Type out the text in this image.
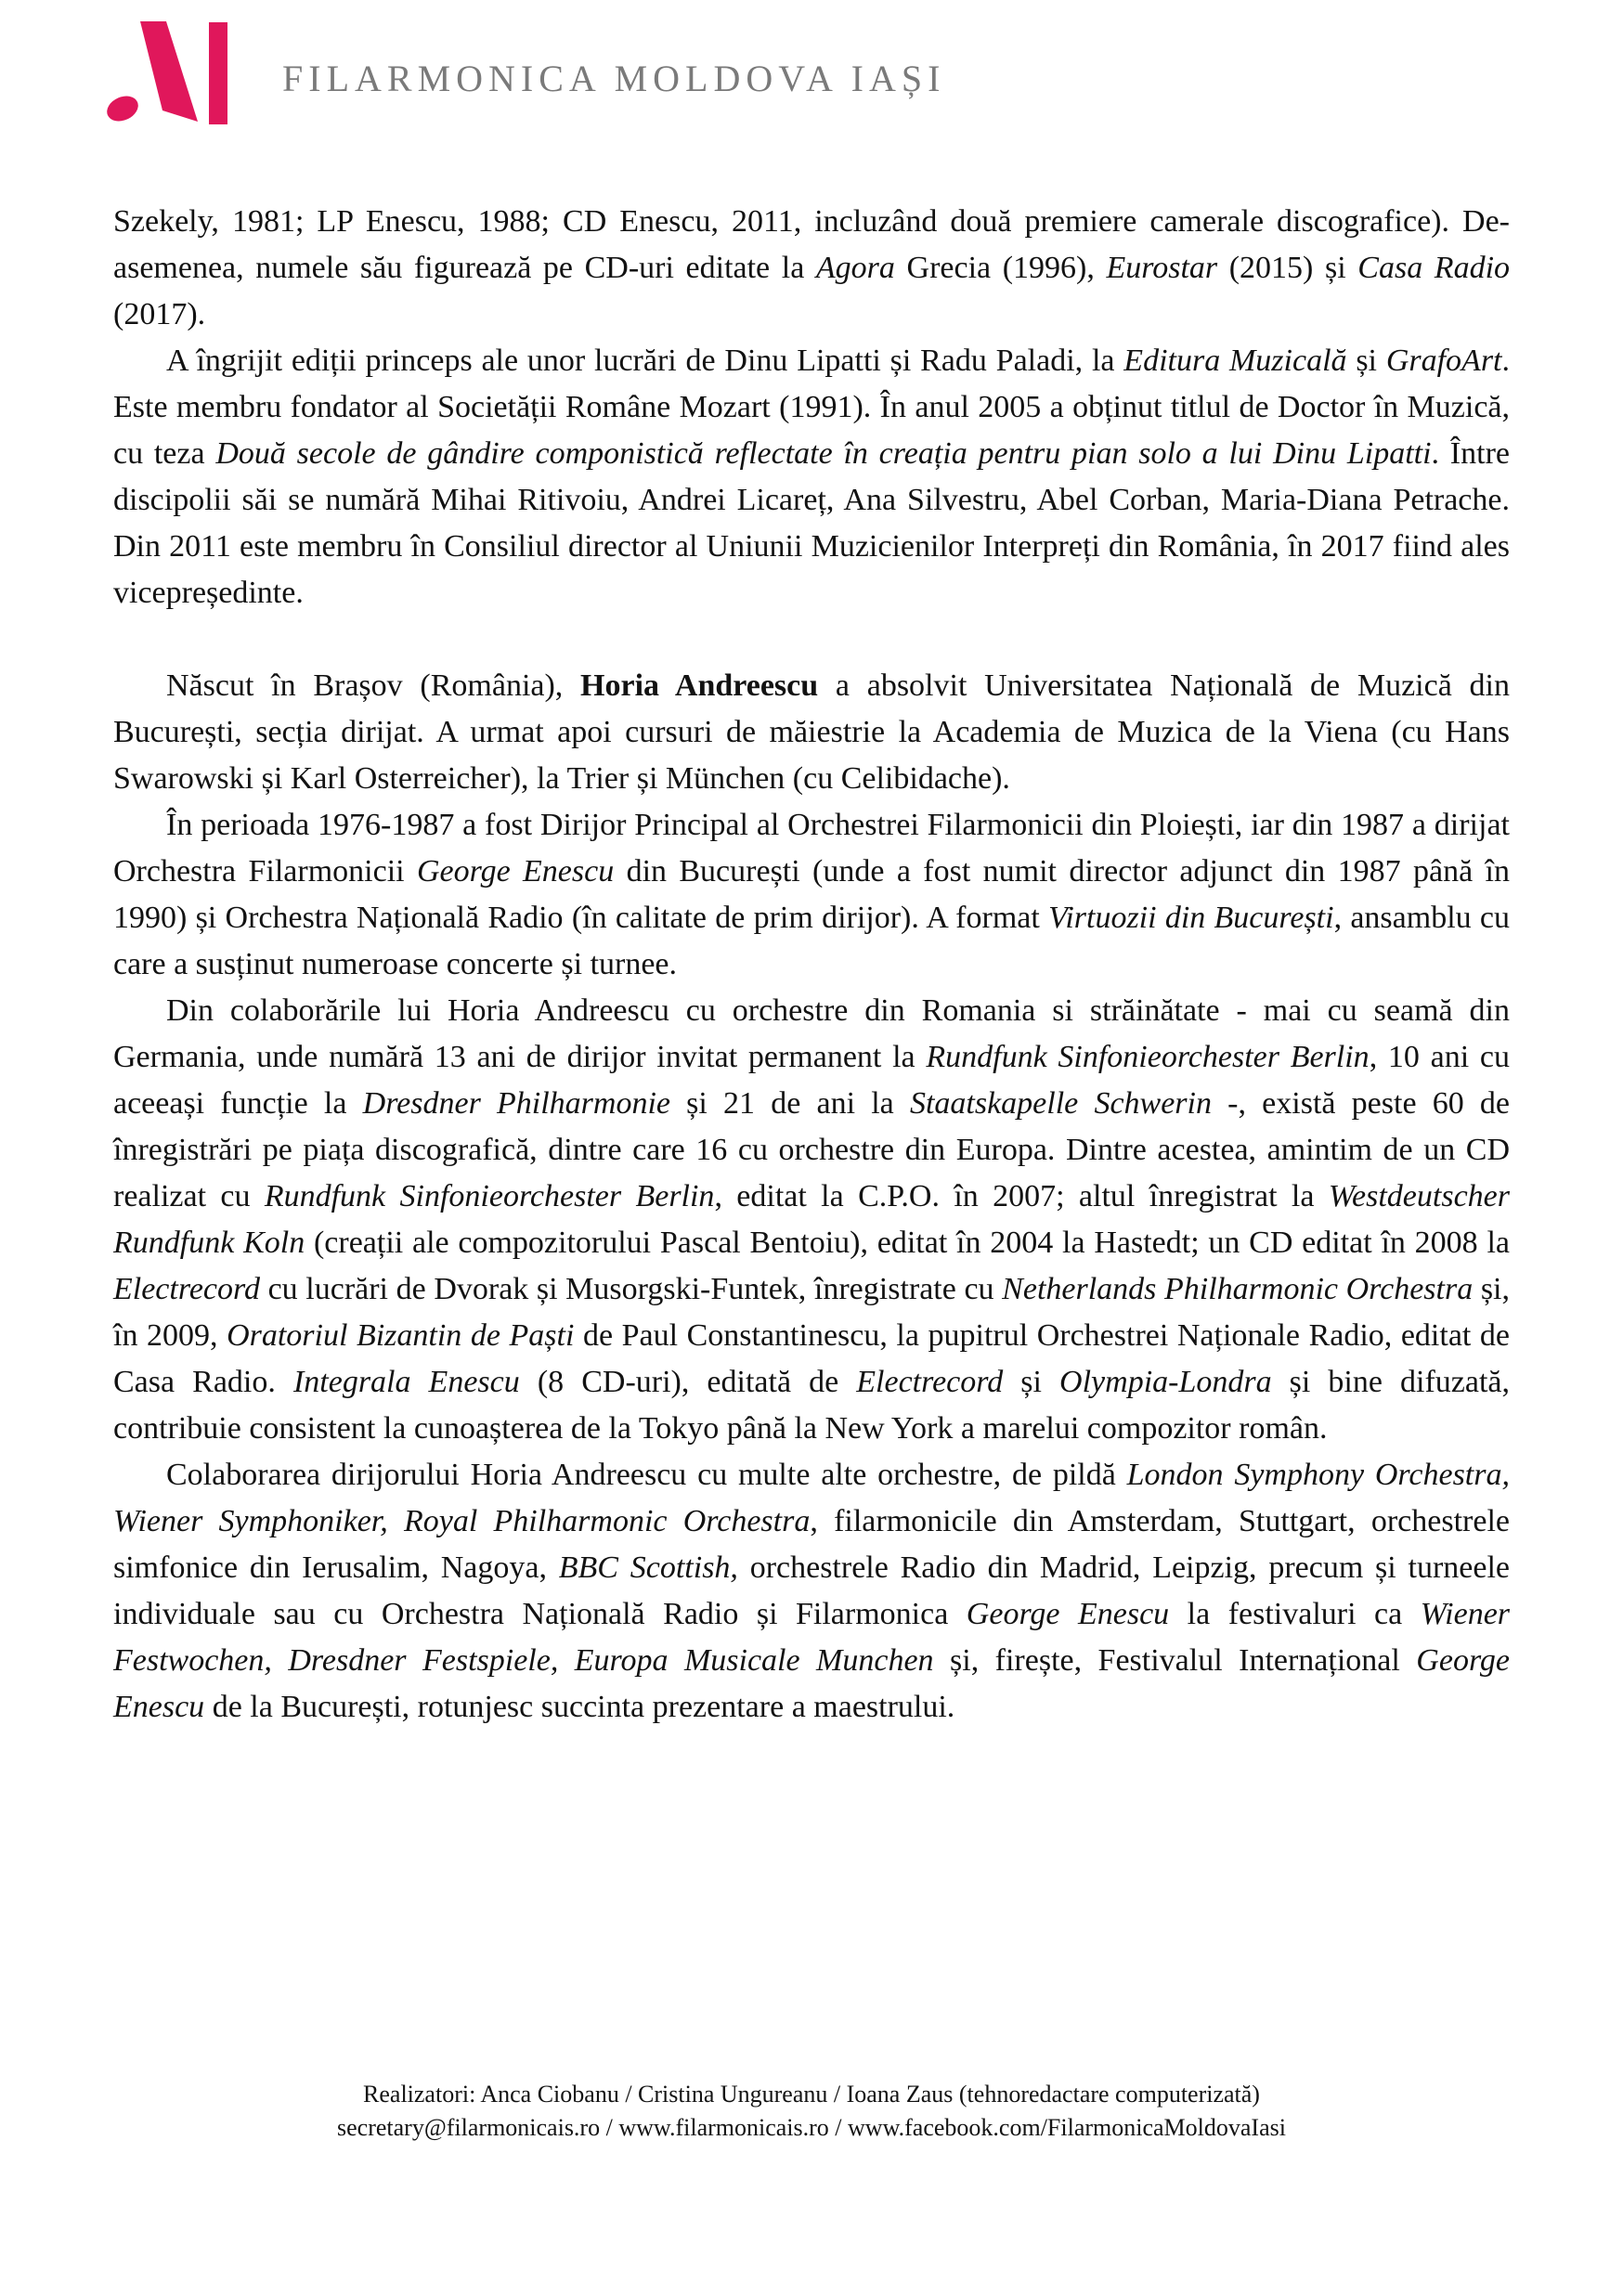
FILARMONICA MOLDOVA IAȘI

Szekely, 1981; LP Enescu, 1988; CD Enescu, 2011, incluzând două premiere camerale discografice). De-asemenea, numele său figurează pe CD-uri editate la Agora Grecia (1996), Eurostar (2015) și Casa Radio (2017).

A îngrijit ediții princeps ale unor lucrări de Dinu Lipatti și Radu Paladi, la Editura Muzicală și GrafoArt. Este membru fondator al Societății Române Mozart (1991). În anul 2005 a obținut titlul de Doctor în Muzică, cu teza Două secole de gândire componistică reflectate în creația pentru pian solo a lui Dinu Lipatti. Între discipolii săi se numără Mihai Ritivoiu, Andrei Licareț, Ana Silvestru, Abel Corban, Maria-Diana Petrache. Din 2011 este membru în Consiliul director al Uniunii Muzicienilor Interpreți din România, în 2017 fiind ales vicepreședinte.

Născut în Brașov (România), Horia Andreescu a absolvit Universitatea Națională de Muzică din București, secția dirijat. A urmat apoi cursuri de măiestrie la Academia de Muzica de la Viena (cu Hans Swarowski și Karl Osterreicher), la Trier și München (cu Celibidache).

În perioada 1976-1987 a fost Dirijor Principal al Orchestrei Filarmonicii din Ploiești, iar din 1987 a dirijat Orchestra Filarmonicii George Enescu din București (unde a fost numit director adjunct din 1987 până în 1990) și Orchestra Națională Radio (în calitate de prim dirijor). A format Virtuozii din București, ansamblu cu care a susținut numeroase concerte și turnee.

Din colaborările lui Horia Andreescu cu orchestre din Romania si străinătate - mai cu seamă din Germania, unde numără 13 ani de dirijor invitat permanent la Rundfunk Sinfonieorchester Berlin, 10 ani cu aceeași funcție la Dresdner Philharmonie și 21 de ani la Staatskapelle Schwerin -, există peste 60 de înregistrări pe piața discografică, dintre care 16 cu orchestre din Europa. Dintre acestea, amintim de un CD realizat cu Rundfunk Sinfonieorchester Berlin, editat la C.P.O. în 2007; altul înregistrat la Westdeutscher Rundfunk Koln (creații ale compozitorului Pascal Bentoiu), editat în 2004 la Hastedt; un CD editat în 2008 la Electrecord cu lucrări de Dvorak și Musorgski-Funtek, înregistrate cu Netherlands Philharmonic Orchestra și, în 2009, Oratoriul Bizantin de Paști de Paul Constantinescu, la pupitrul Orchestrei Naționale Radio, editat de Casa Radio. Integrala Enescu (8 CD-uri), editată de Electrecord și Olympia-Londra și bine difuzată, contribuie consistent la cunoașterea de la Tokyo până la New York a marelui compozitor român.

Colaborarea dirijorului Horia Andreescu cu multe alte orchestre, de pildă London Symphony Orchestra, Wiener Symphoniker, Royal Philharmonic Orchestra, filarmonicile din Amsterdam, Stuttgart, orchestrele simfonice din Ierusalim, Nagoya, BBC Scottish, orchestrele Radio din Madrid, Leipzig, precum și turneele individuale sau cu Orchestra Națională Radio și Filarmonica George Enescu la festivaluri ca Wiener Festwochen, Dresdner Festspiele, Europa Musicale Munchen și, firește, Festivalul Internațional George Enescu de la București, rotunjesc succinta prezentare a maestrului.

Realizatori: Anca Ciobanu / Cristina Ungureanu / Ioana Zaus (tehnoredactare computerizată)
secretary@filarmonicais.ro / www.filarmonicais.ro / www.facebook.com/FilarmonicaMoldovaIasi
